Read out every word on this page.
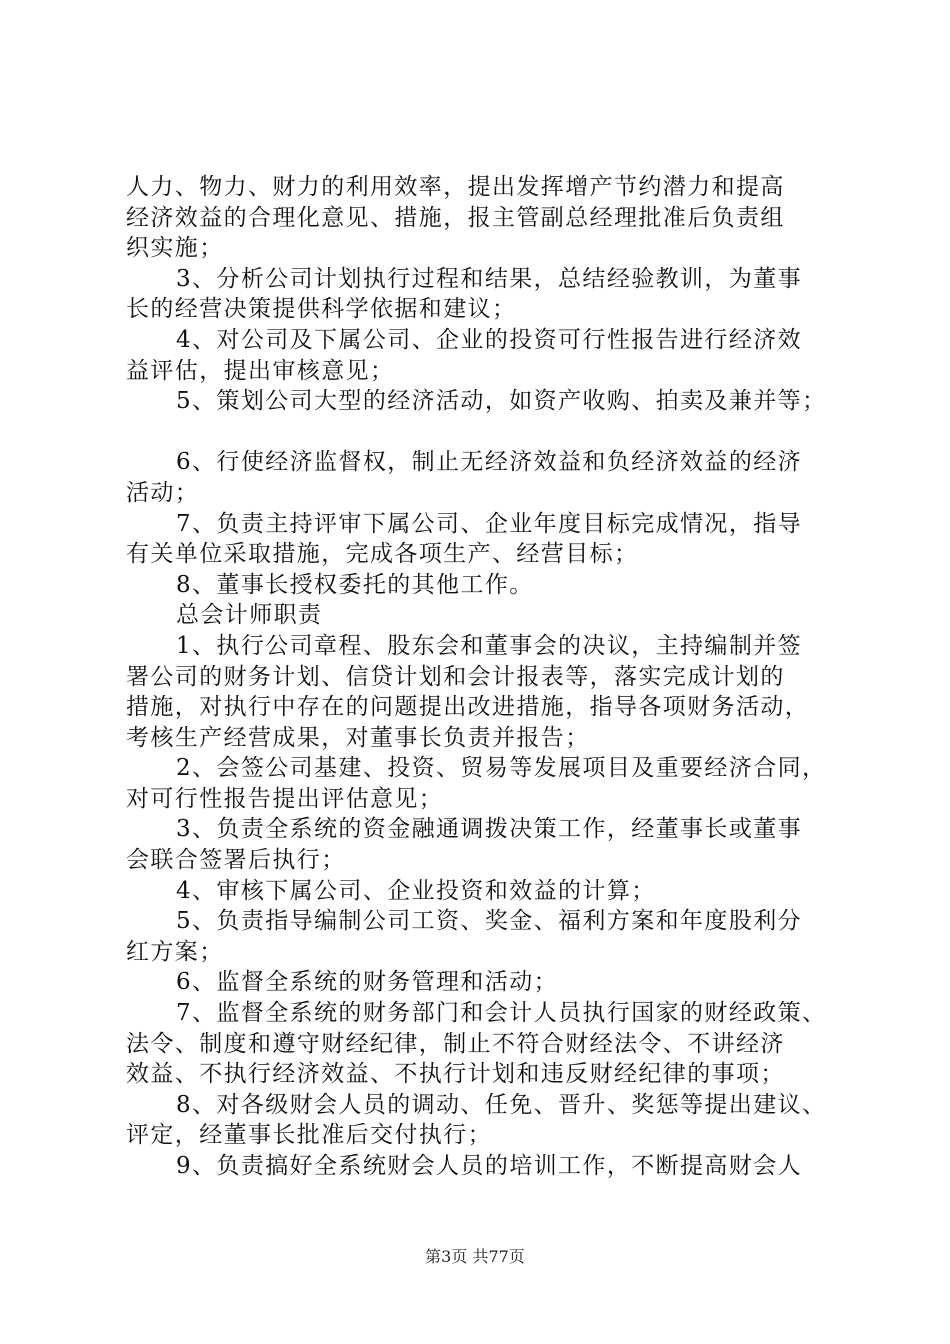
人力、物力、财力的利用效率，提出发挥增产节约潜力和提高
经济效益的合理化意见、措施，报主管副总经理批准后负责组
织实施；
3、分析公司计划执行过程和结果，总结经验教训，为董事
长的经营决策提供科学依据和建议；
4、对公司及下属公司、企业的投资可行性报告进行经济效
益评估，提出审核意见；
5、策划公司大型的经济活动，如资产收购、拍卖及兼并等；
6、行使经济监督权，制止无经济效益和负经济效益的经济
活动；
7、负责主持评审下属公司、企业年度目标完成情况，指导
有关单位采取措施，完成各项生产、经营目标；
8、董事长授权委托的其他工作。
总会计师职责
1、执行公司章程、股东会和董事会的决议，主持编制并签
署公司的财务计划、信贷计划和会计报表等，落实完成计划的
措施，对执行中存在的问题提出改进措施，指导各项财务活动，
考核生产经营成果，对董事长负责并报告；
2、会签公司基建、投资、贸易等发展项目及重要经济合同，
对可行性报告提出评估意见；
3、负责全系统的资金融通调拨决策工作，经董事长或董事
会联合签署后执行；
4、审核下属公司、企业投资和效益的计算；
5、负责指导编制公司工资、奖金、福利方案和年度股利分
红方案；
6、监督全系统的财务管理和活动；
7、监督全系统的财务部门和会计人员执行国家的财经政策、
法令、制度和遵守财经纪律，制止不符合财经法令、不讲经济
效益、不执行经济效益、不执行计划和违反财经纪律的事项；
8、对各级财会人员的调动、任免、晋升、奖惩等提出建议、
评定，经董事长批准后交付执行；
9、负责搞好全系统财会人员的培训工作，不断提高财会人
第3页 共77页
